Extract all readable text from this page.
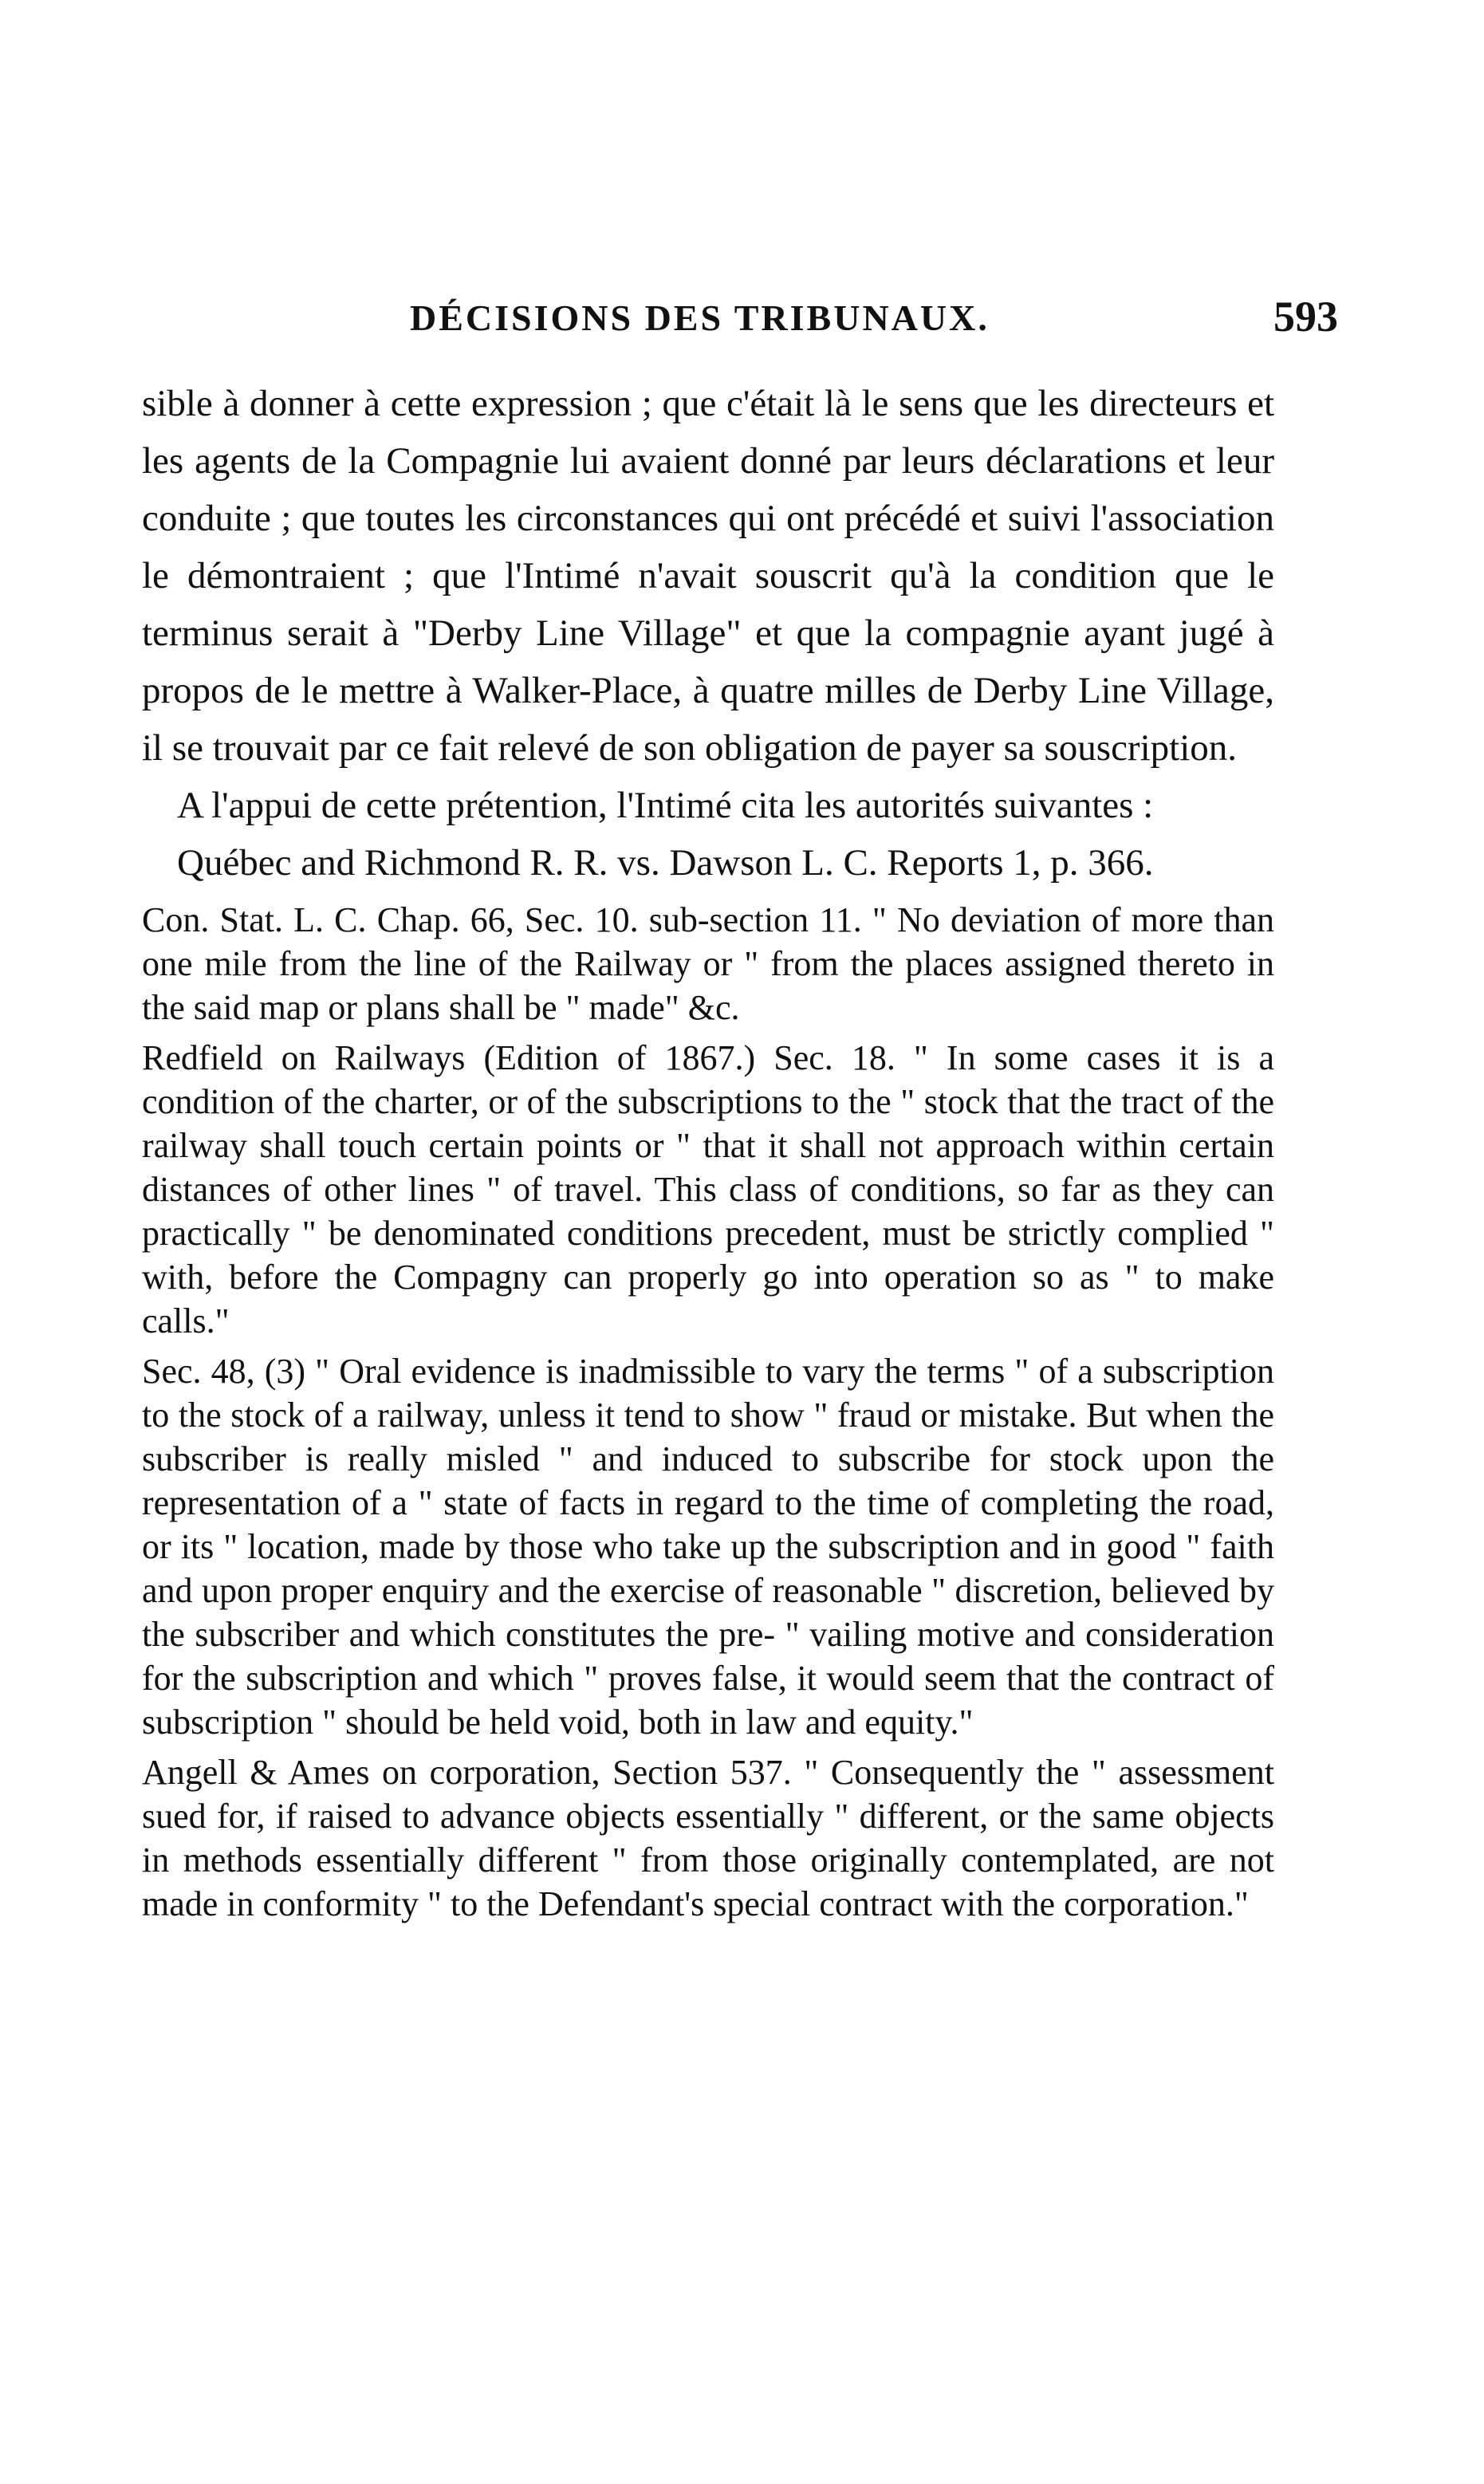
DÉCISIONS DES TRIBUNAUX.	593

sible à donner à cette expression ; que c'était là le sens que les directeurs et les agents de la Compagnie lui avaient donné par leurs déclarations et leur conduite ; que toutes les circonstances qui ont précédé et suivi l'association le démontraient ; que l'Intimé n'avait souscrit qu'à la condition que le terminus serait à "Derby Line Village" et que la compagnie ayant jugé à propos de le mettre à Walker-Place, à quatre milles de Derby Line Village, il se trouvait par ce fait relevé de son obligation de payer sa souscription.

A l'appui de cette prétention, l'Intimé cita les autorités suivantes :

Québec and Richmond R. R. vs. Dawson L. C. Reports 1, p. 366.

Con. Stat. L. C. Chap. 66, Sec. 10. sub-section 11. " No deviation of more than one mile from the line of the Railway or " from the places assigned thereto in the said map or plans shall be " made" &c.

Redfield on Railways (Edition of 1867.) Sec. 18. " In some cases it is a condition of the charter, or of the subscriptions to the " stock that the tract of the railway shall touch certain points or " that it shall not approach within certain distances of other lines " of travel. This class of conditions, so far as they can practically " be denominated conditions precedent, must be strictly complied " with, before the Compagny can properly go into operation so as " to make calls."

Sec. 48, (3) " Oral evidence is inadmissible to vary the terms " of a subscription to the stock of a railway, unless it tend to show " fraud or mistake. But when the subscriber is really misled " and induced to subscribe for stock upon the representation of a " state of facts in regard to the time of completing the road, or its " location, made by those who take up the subscription and in good " faith and upon proper enquiry and the exercise of reasonable " discretion, believed by the subscriber and which constitutes the pre- " vailing motive and consideration for the subscription and which " proves false, it would seem that the contract of subscription " should be held void, both in law and equity."

Angell & Ames on corporation, Section 537. " Consequently the " assessment sued for, if raised to advance objects essentially " different, or the same objects in methods essentially different " from those originally contemplated, are not made in conformity " to the Defendant's special contract with the corporation."
